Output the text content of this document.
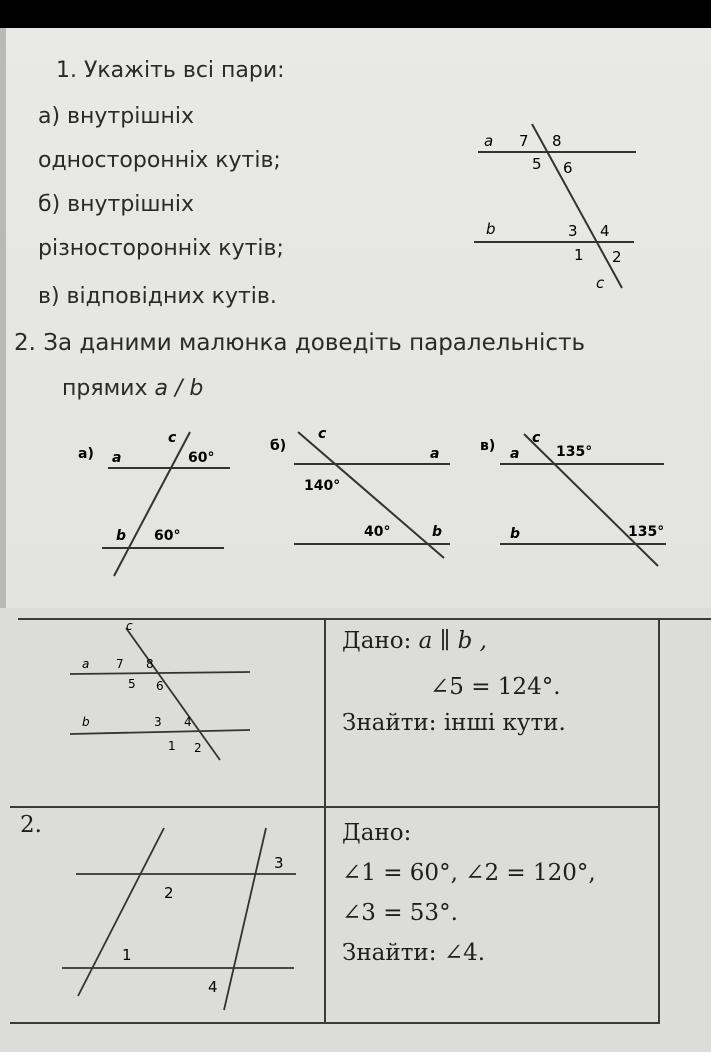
1. Укажіть всі пари:
а) внутрішніх
односторонніх кутів;
б) внутрішніх
різносторонніх кутів;
в) відповідних кутів.
a
b
c
7 8
5 6
3 4
1 2
2. За даними малюнка доведіть паралельність
прямих a / b
а) a
b
c
60°
60°
б)	a
b
c
140°
40°
в) a
b
c
135°
135°
c
a
b
7 8
5 6
3 4
1 2
Дано: a ∥ b ,
∠5 = 124°.
Знайти: інші кути.
2.
2
1
3
4
Дано:
∠1 = 60°, ∠2 = 120°,
∠3 = 53°.
Знайти: ∠4.
